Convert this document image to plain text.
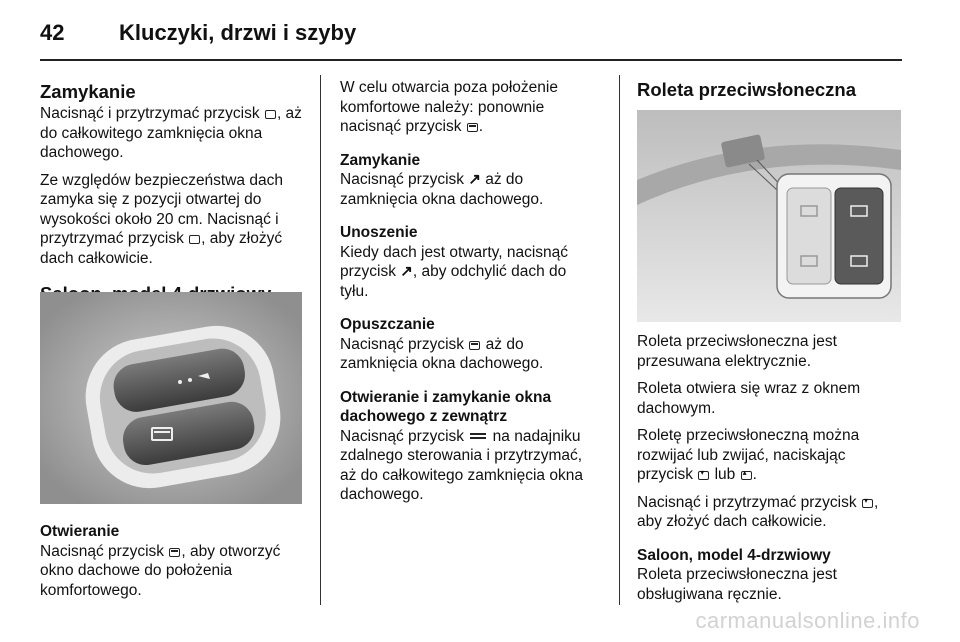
42 Kluczyki, drzwi i szyby
Zamykanie

Nacisnąć i przytrzymać przycisk , aż do całkowitego zamknięcia okna dachowego.

Ze względów bezpieczeństwa dach zamyka się z pozycji otwartej do wysokości około 20 cm. Nacisnąć i przytrzymać przycisk , aby złożyć dach całkowicie.

Otwieranie

Nacisnąć przycisk , aby otworzyć okno dachowe do położenia komfortowego.

W celu otwarcia poza położenie komfortowe należy: ponownie nacisnąć przycisk .

Zamykanie

Nacisnąć przycisk ↗ aż do zamknięcia okna dachowego.

Unoszenie

Kiedy dach jest otwarty, nacisnąć przycisk ↗, aby odchylić dach do tyłu.

Opuszczanie

Nacisnąć przycisk  aż do zamknięcia okna dachowego.

Otwieranie i zamykanie okna dachowego z zewnątrz

Nacisnąć przycisk  na nadajniku zdalnego sterowania i przytrzymać, aż do całkowitego zamknięcia okna dachowego.

Roleta przeciwsłoneczna

Roleta przeciwsłoneczna jest przesuwana elektrycznie.

Roleta otwiera się wraz z oknem dachowym.

Roletę przeciwsłoneczną można rozwijać lub zwijać, naciskając przycisk ▾ lub ▴.

Nacisnąć i przytrzymać przycisk ▾, aby złożyć dach całkowicie.

Saloon, model 4-drzwiowy

Roleta przeciwsłoneczna jest obsługiwana ręcznie.

carmanualsonline.info
